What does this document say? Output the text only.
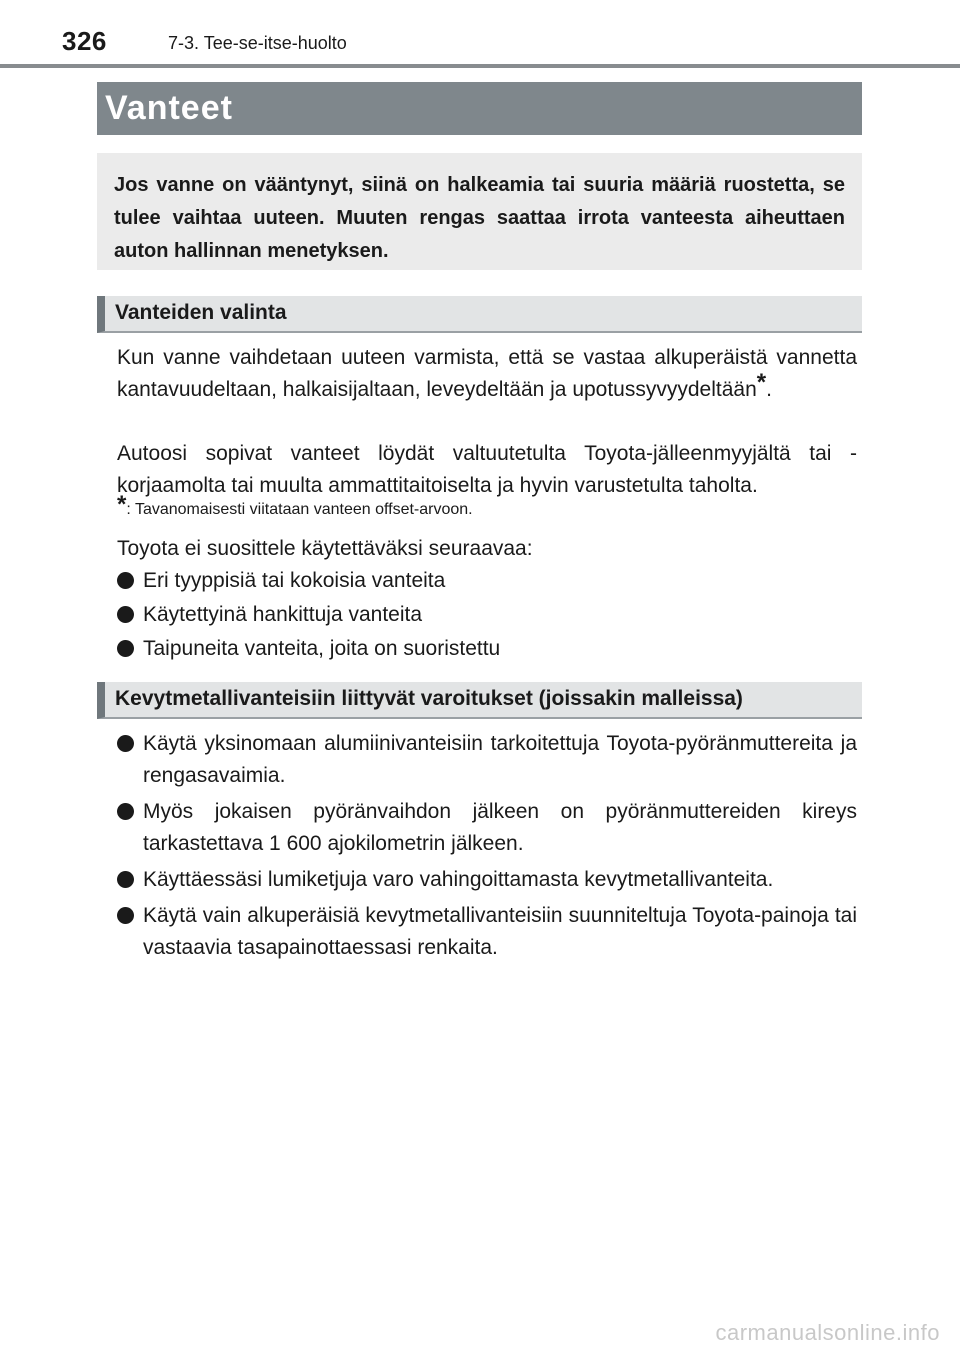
326	7-3. Tee-se-itse-huolto
Vanteet

Jos vanne on vääntynyt, siinä on halkeamia tai suuria määriä ruostetta, se tulee vaihtaa uuteen. Muuten rengas saattaa irrota vanteesta aiheuttaen auton hallinnan menetyksen.

Vanteiden valinta

Kun vanne vaihdetaan uuteen varmista, että se vastaa alkuperäistä vannetta kantavuudeltaan, halkaisijaltaan, leveydeltään ja upotussyvyydeltään*.

Autoosi sopivat vanteet löydät valtuutetulta Toyota-jälleenmyyjältä tai -korjaamolta tai muulta ammattitaitoiselta ja hyvin varustetulta taholta.

*: Tavanomaisesti viitataan vanteen offset-arvoon.

Toyota ei suosittele käytettäväksi seuraavaa:

Eri tyyppisiä tai kokoisia vanteita
Käytettyinä hankittuja vanteita
Taipuneita vanteita, joita on suoristettu
Kevytmetallivanteisiin liittyvät varoitukset (joissakin malleissa)
Käytä yksinomaan alumiinivanteisiin tarkoitettuja Toyota-pyöränmuttereita ja rengasavaimia.
Myös jokaisen pyöränvaihdon jälkeen on pyöränmuttereiden kireys tarkastettava 1 600 ajokilometrin jälkeen.
Käyttäessäsi lumiketjuja varo vahingoittamasta kevytmetallivanteita.
Käytä vain alkuperäisiä kevytmetallivanteisiin suunniteltuja Toyota-painoja tai vastaavia tasapainottaessasi renkaita.
carmanualsonline.info
